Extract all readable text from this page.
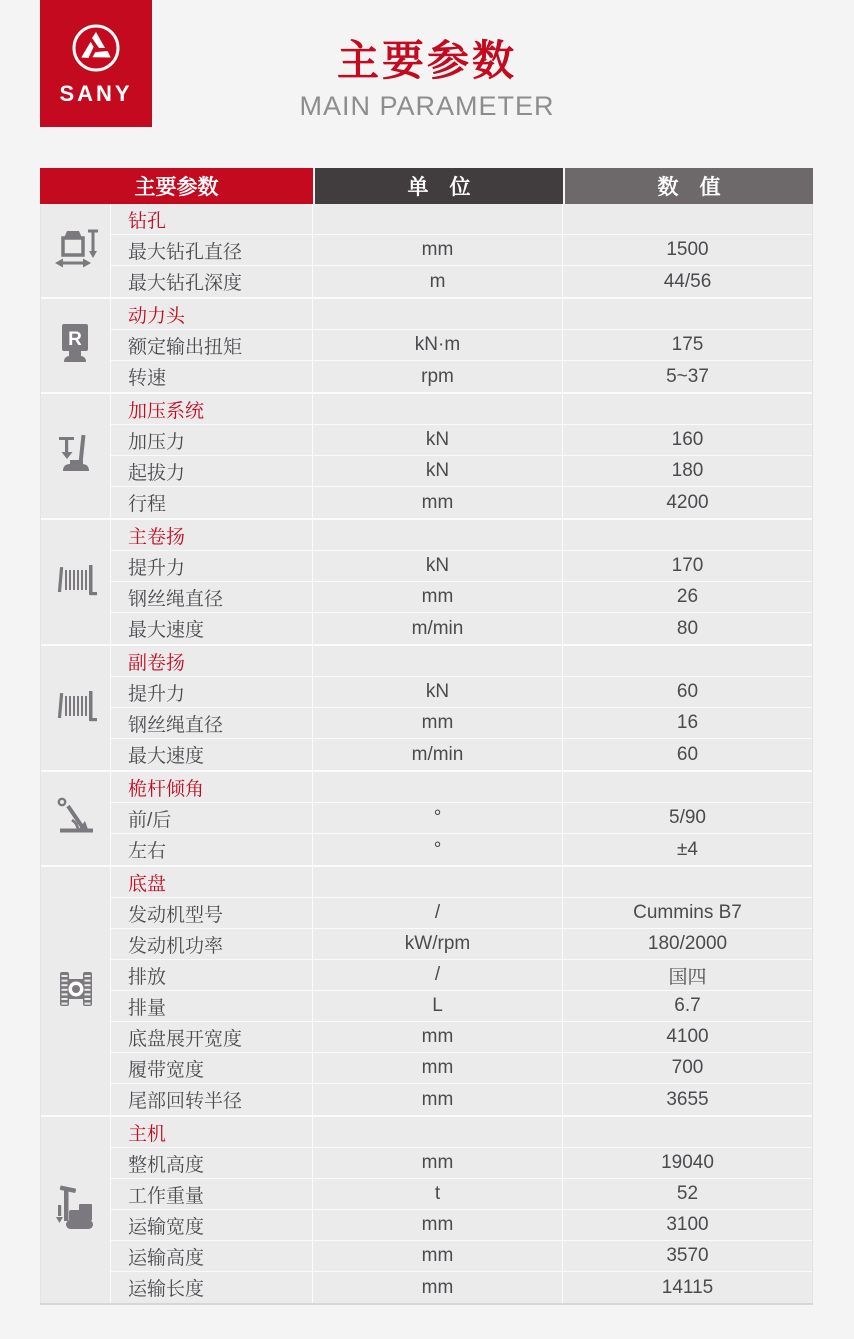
SANY
主要参数
MAIN PARAMETER
主要参数	单　位	数　值
钻孔
最大钻孔直径	mm	1500
最大钻孔深度	m	44/56
R
动力头
额定输出扭矩	kN·m	175
转速	rpm	5~37
加压系统
加压力	kN	160
起拔力	kN	180
行程	mm	4200
主卷扬
提升力	kN	170
钢丝绳直径	mm	26
最大速度	m/min	80
副卷扬
提升力	kN	60
钢丝绳直径	mm	16
最大速度	m/min	60
桅杆倾角
前/后	°	5/90
左右	°	±4
底盘
发动机型号	/	Cummins B7
发动机功率	kW/rpm	180/2000
排放	/	国四
排量	L	6.7
底盘展开宽度	mm	4100
履带宽度	mm	700
尾部回转半径	mm	3655
主机
整机高度	mm	19040
工作重量	t	52
运输宽度	mm	3100
运输高度	mm	3570
运输长度	mm	14115
